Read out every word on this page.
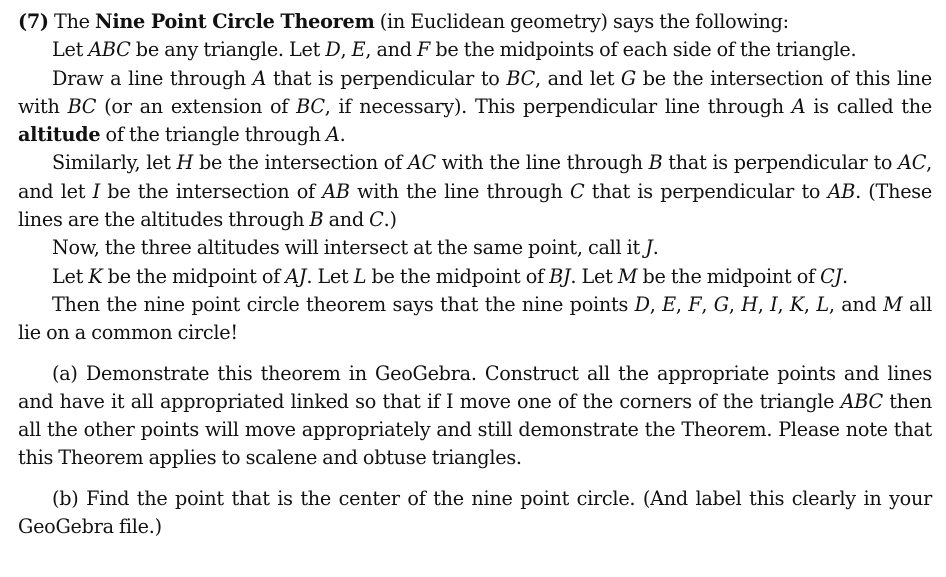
(7) The Nine Point Circle Theorem (in Euclidean geometry) says the following:

Let ABC be any triangle. Let D, E, and F be the midpoints of each side of the triangle.

Draw a line through A that is perpendicular to BC, and let G be the intersection of this line with BC (or an extension of BC, if necessary). This perpendicular line through A is called the altitude of the triangle through A.

Similarly, let H be the intersection of AC with the line through B that is perpendicular to AC, and let I be the intersection of AB with the line through C that is perpendicular to AB. (These lines are the altitudes through B and C.)

Now, the three altitudes will intersect at the same point, call it J.

Let K be the midpoint of AJ. Let L be the midpoint of BJ. Let M be the midpoint of CJ.

Then the nine point circle theorem says that the nine points D, E, F, G, H, I, K, L, and M all lie on a common circle!

(a) Demonstrate this theorem in GeoGebra. Construct all the appropriate points and lines and have it all appropriated linked so that if I move one of the corners of the triangle ABC then all the other points will move appropriately and still demonstrate the Theorem. Please note that this Theorem applies to scalene and obtuse triangles.

(b) Find the point that is the center of the nine point circle. (And label this clearly in your GeoGebra file.)
